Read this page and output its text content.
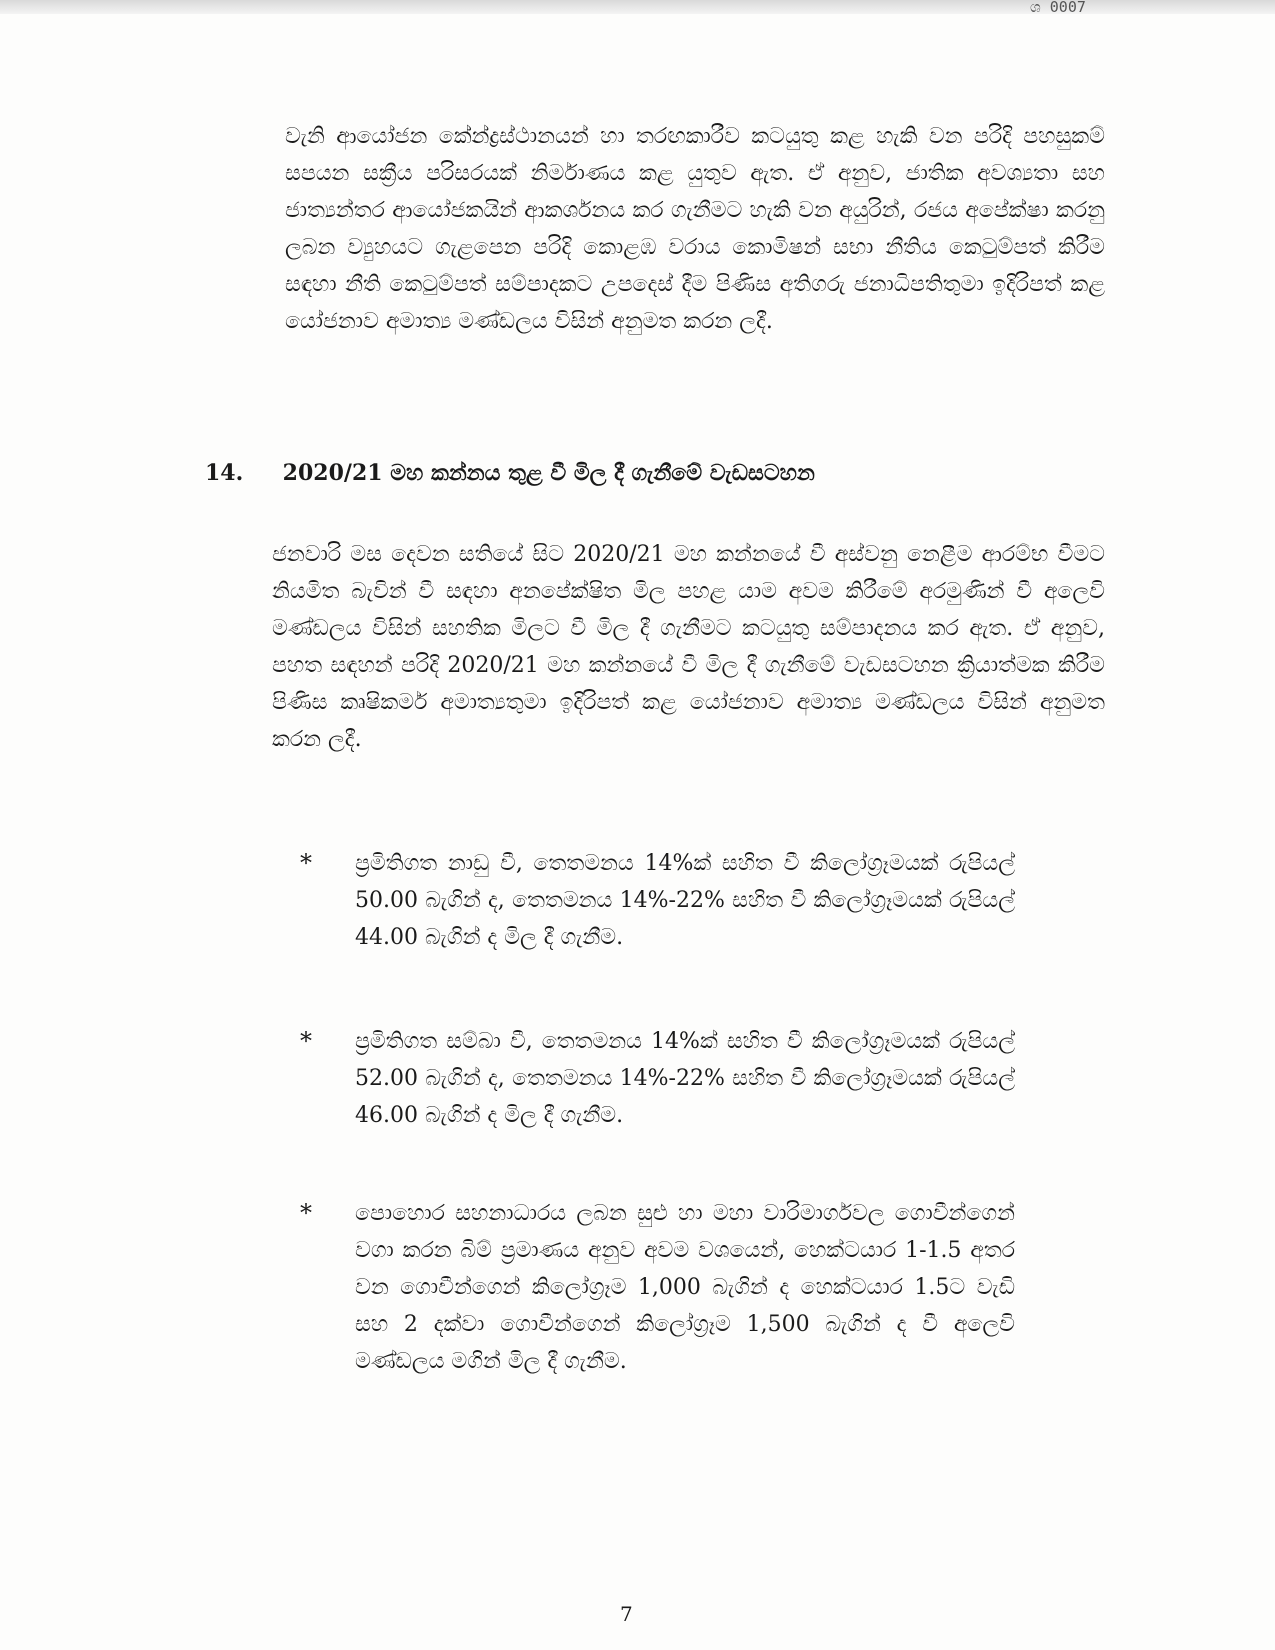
ශ 0007

වැනි ආයෝජන කේන්ද්‍රස්ථානයන් හා තරඟකාරීව කටයුතු කළ හැකි වන පරිදි පහසුකම් සපයන සක්‍රීය පරිසරයක් නිර්මාණය කළ යුතුව ඇත. ඒ අනුව, ජාතික අවශ්‍යතා සහ ජාත්‍යන්තර ආයෝජකයින් ආකර්ශනය කර ගැනීමට හැකි වන අයුරින්, රජය අපේක්ෂා කරනු ලබන ව්‍යුහයට ගැළපෙන පරිදි කොළඹ වරාය කොමිෂන් සභා නීතිය කෙටුම්පත් කිරීම සඳහා නීති කෙටුම්පත් සම්පාදකට උපදෙස් දීම පිණිස අතිගරු ජනාධිපතිතුමා ඉදිරිපත් කළ යෝජනාව අමාත්‍ය මණ්ඩලය විසින් අනුමත කරන ලදී.

14. 2020/21 මහ කන්නය තුළ වී මිල දී ගැනීමේ වැඩසටහන

ජනවාරි මස දෙවන සතියේ සිට 2020/21 මහ කන්නයේ වී අස්වනු නෙළීම ආරම්භ වීමට නියමිත බැවින් වී සඳහා අනපේක්ෂිත මිල පහළ යාම අවම කිරීමේ අරමුණින් වී අලෙවි මණ්ඩලය විසින් සහතික මිලට වී මිල දී ගැනීමට කටයුතු සම්පාදනය කර ඇත. ඒ අනුව, පහත සඳහන් පරිදි 2020/21 මහ කන්නයේ වී මිල දී ගැනීමේ වැඩසටහන ක්‍රියාත්මක කිරීම පිණිස කෘෂිකර්ම අමාත්‍යතුමා ඉදිරිපත් කළ යෝජනාව අමාත්‍ය මණ්ඩලය විසින් අනුමත කරන ලදී.

* ප්‍රමිතිගත නාඩු වී, තෙතමනය 14%ක් සහිත වී කිලෝග්‍රෑමයක් රුපියල් 50.00 බැගින් ද, තෙතමනය 14%-22% සහිත වී කිලෝග්‍රෑමයක් රුපියල් 44.00 බැගින් ද මිල දී ගැනීම.

* ප්‍රමිතිගත සම්බා වී, තෙතමනය 14%ක් සහිත වී කිලෝග්‍රෑමයක් රුපියල් 52.00 බැගින් ද, තෙතමනය 14%-22% සහිත වී කිලෝග්‍රෑමයක් රුපියල් 46.00 බැගින් ද මිල දී ගැනීම.

* පොහොර සහනාධාරය ලබන සුළු හා මහා වාරිමාර්ගවල ගොවීන්ගෙන් වගා කරන බිම් ප්‍රමාණය අනුව අවම වශයෙන්, හෙක්ටයාර 1-1.5 අතර වන ගොවීන්ගෙන් කිලෝග්‍රෑම 1,000 බැගින් ද හෙක්ටයාර 1.5ට වැඩි සහ 2 දක්වා ගොවීන්ගෙන් කිලෝග්‍රෑම 1,500 බැගින් ද වී අලෙවි මණ්ඩලය මගින් මිල දී ගැනීම.

7
